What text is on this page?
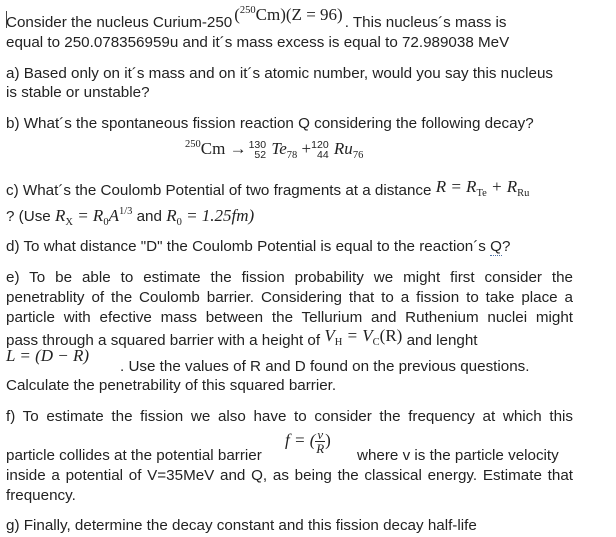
Consider the nucleus Curium-250 ($^{250}$Cm)(Z = 96) . This nucleus´s mass is
equal to 250.078356959u and it´s mass excess is equal to 72.989038 MeV
a) Based only on it´s mass and on it´s atomic number, would you say this nucleus
is stable or unstable?
b) What´s the spontaneous fission reaction Q considering the following decay?
$^{250}$Cm → 130
52 $Te_{78} + 120$
44 $Ru_{76}$
c) What´s the Coulomb Potential of two fragments at a distance $R = R_{Te} + R_{Ru}$
? (Use $R_X = R_0A^{1/3}$ and $R_0 = 1.25fm$)
d) To what distance "D" the Coulomb Potential is equal to the reaction´s Q?
e) To be able to estimate the fission probability we might first consider the
penetrablity of the Coulomb barrier. Considering that to a fission to take place a
particle with efective mass between the Tellurium and Ruthenium nuclei might
pass through a squared barrier with a height of $V_H = V_C(R)$ and lenght
L = (D − R)
. Use the values of R and D found on the previous questions.
Calculate the penetrability of this squared barrier.
f) To estimate the fission we also have to consider the frequency at which this
f = ( $\frac{v}{R}$ )
particle collides at the potential barrier	where v is the particle velocity
inside a potential of V=35MeV and Q, as being the classical energy. Estimate that
frequency.
g) Finally, determine the decay constant and this fission decay half-life
